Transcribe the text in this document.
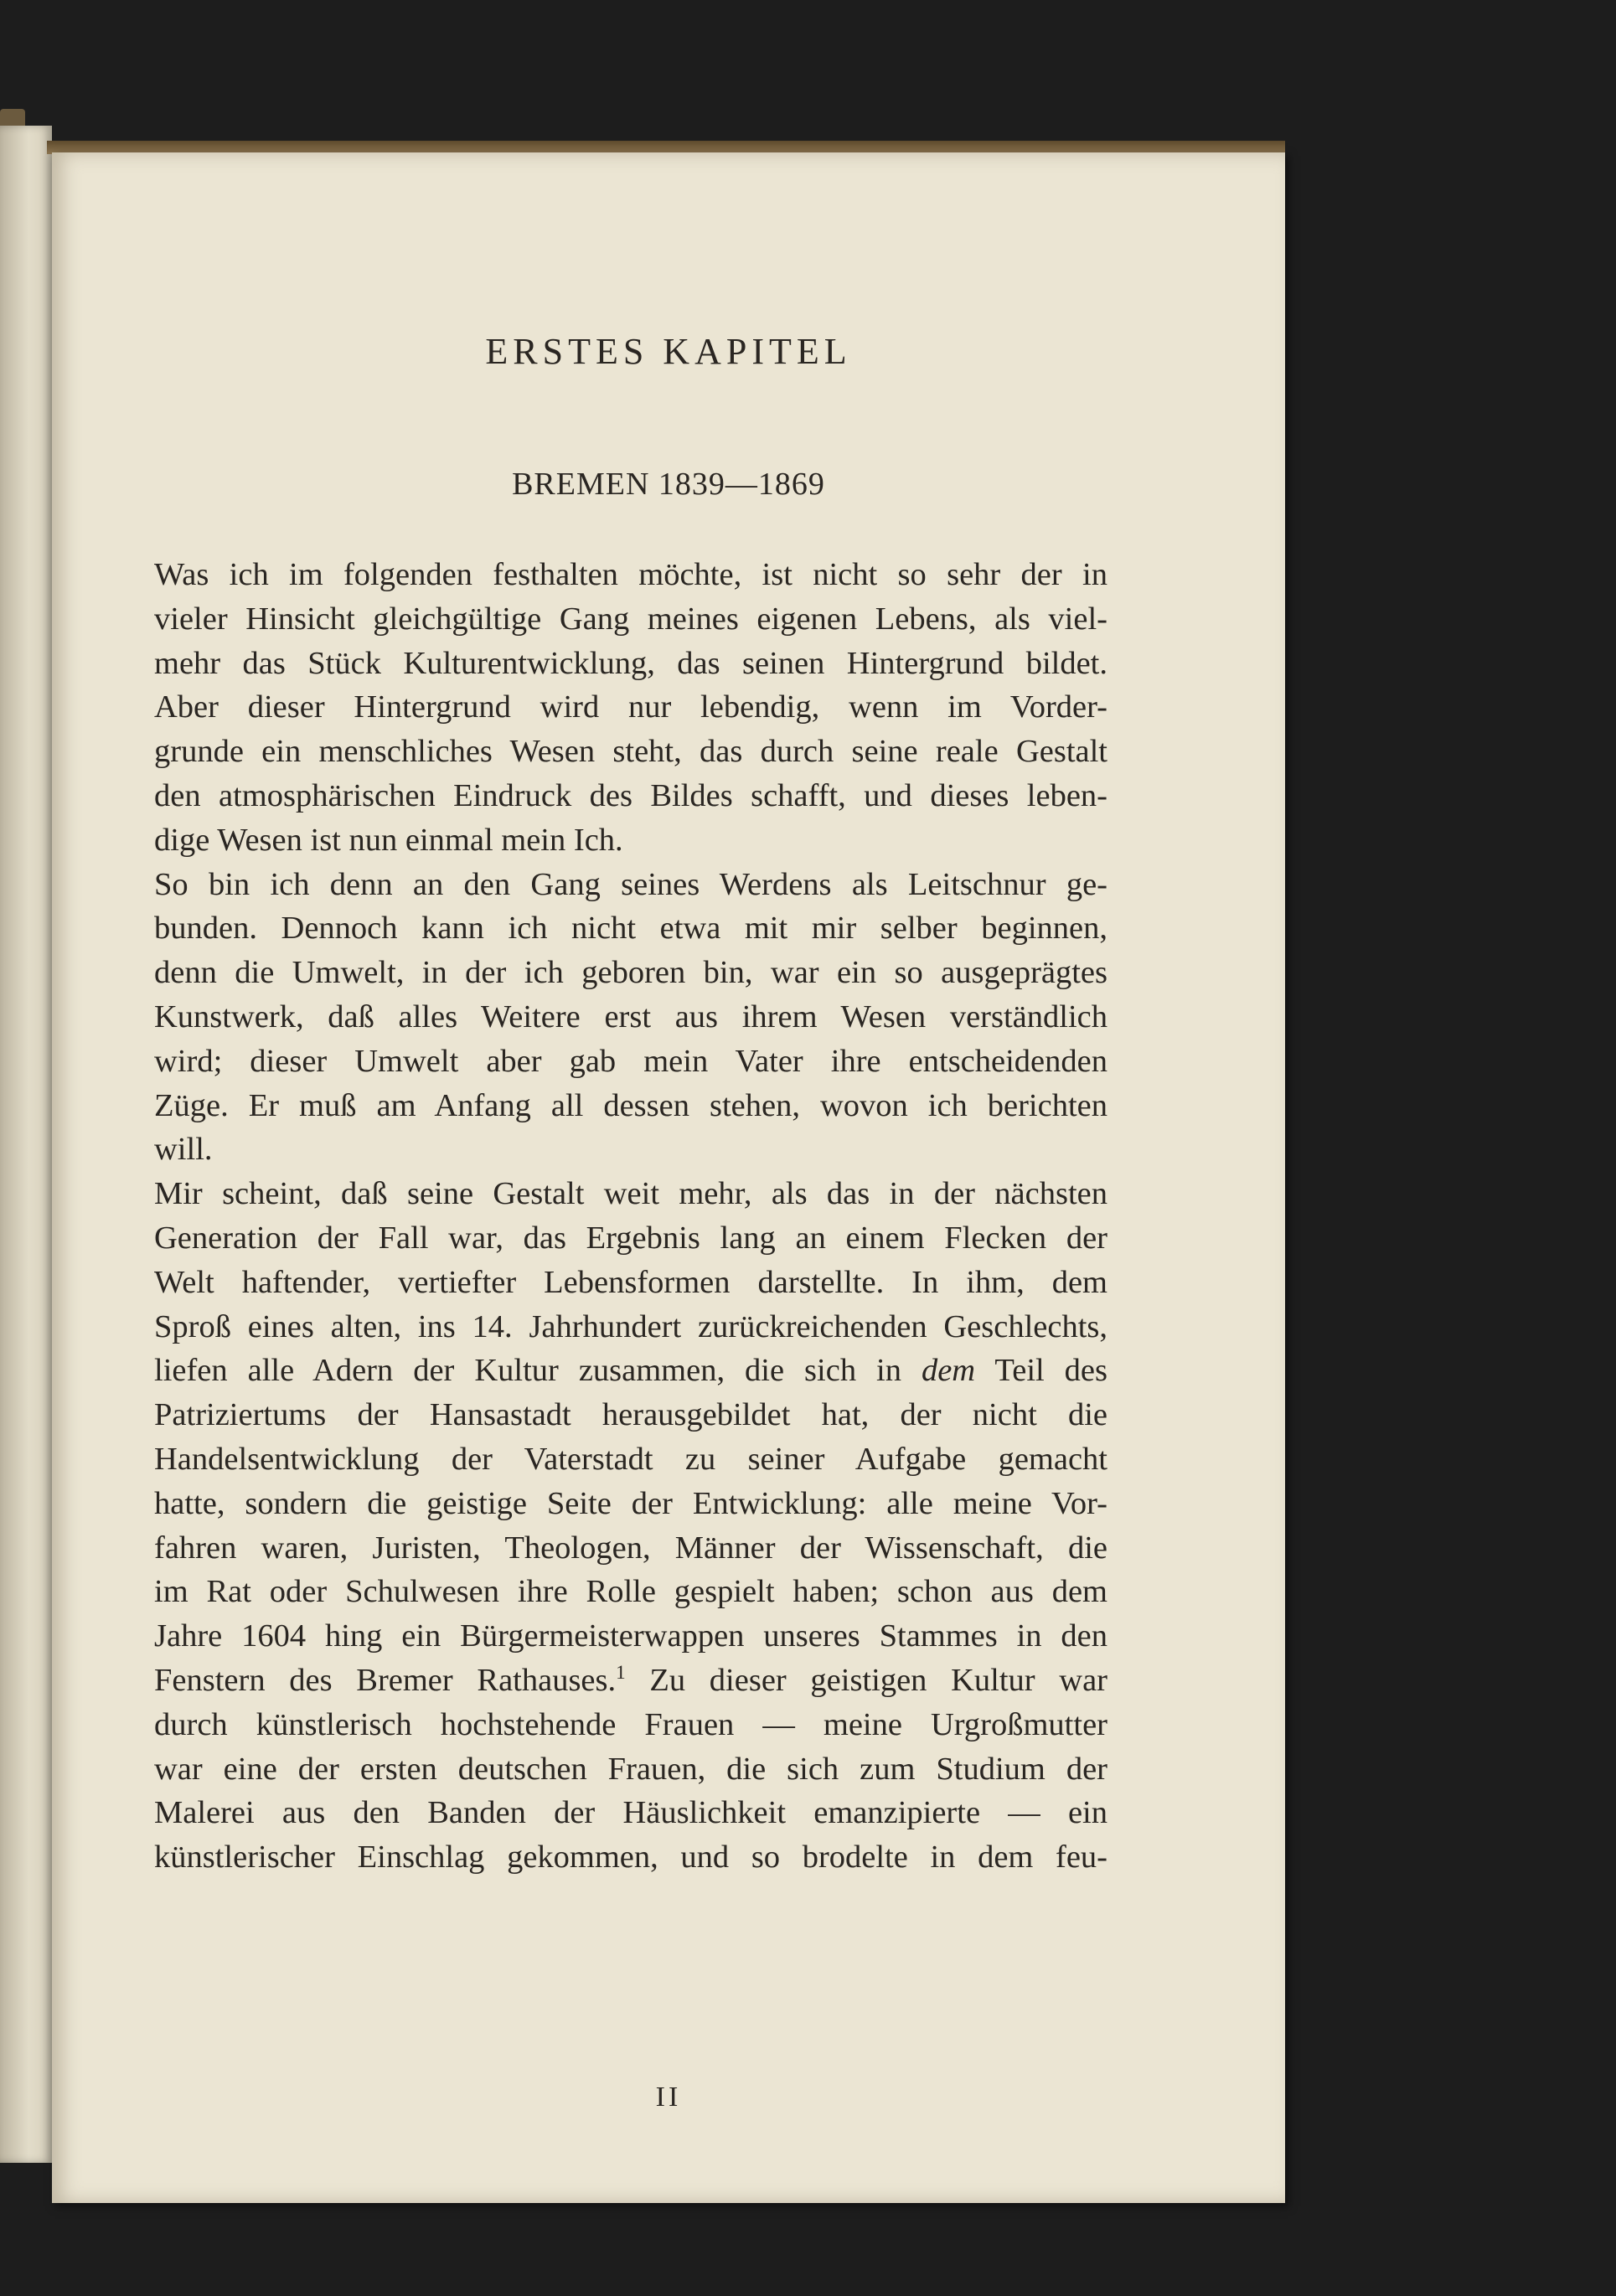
ERSTES KAPITEL
BREMEN 1839—1869
Was ich im folgenden festhalten möchte, ist nicht so sehr der in
vieler Hinsicht gleichgültige Gang meines eigenen Lebens, als viel-
mehr das Stück Kulturentwicklung, das seinen Hintergrund bildet.
Aber dieser Hintergrund wird nur lebendig, wenn im Vorder-
grunde ein menschliches Wesen steht, das durch seine reale Gestalt
den atmosphärischen Eindruck des Bildes schafft, und dieses leben-
dige Wesen ist nun einmal mein Ich.
So bin ich denn an den Gang seines Werdens als Leitschnur ge-
bunden. Dennoch kann ich nicht etwa mit mir selber beginnen,
denn die Umwelt, in der ich geboren bin, war ein so ausgeprägtes
Kunstwerk, daß alles Weitere erst aus ihrem Wesen verständlich
wird; dieser Umwelt aber gab mein Vater ihre entscheidenden
Züge. Er muß am Anfang all dessen stehen, wovon ich berichten
will.
Mir scheint, daß seine Gestalt weit mehr, als das in der nächsten
Generation der Fall war, das Ergebnis lang an einem Flecken der
Welt haftender, vertiefter Lebensformen darstellte. In ihm, dem
Sproß eines alten, ins 14. Jahrhundert zurückreichenden Geschlechts,
liefen alle Adern der Kultur zusammen, die sich in dem Teil des
Patriziertums der Hansastadt herausgebildet hat, der nicht die
Handelsentwicklung der Vaterstadt zu seiner Aufgabe gemacht
hatte, sondern die geistige Seite der Entwicklung: alle meine Vor-
fahren waren, Juristen, Theologen, Männer der Wissenschaft, die
im Rat oder Schulwesen ihre Rolle gespielt haben; schon aus dem
Jahre 1604 hing ein Bürgermeisterwappen unseres Stammes in den
Fenstern des Bremer Rathauses.$^1$ Zu dieser geistigen Kultur war
durch künstlerisch hochstehende Frauen — meine Urgroßmutter
war eine der ersten deutschen Frauen, die sich zum Studium der
Malerei aus den Banden der Häuslichkeit emanzipierte — ein
künstlerischer Einschlag gekommen, und so brodelte in dem feu-
II
